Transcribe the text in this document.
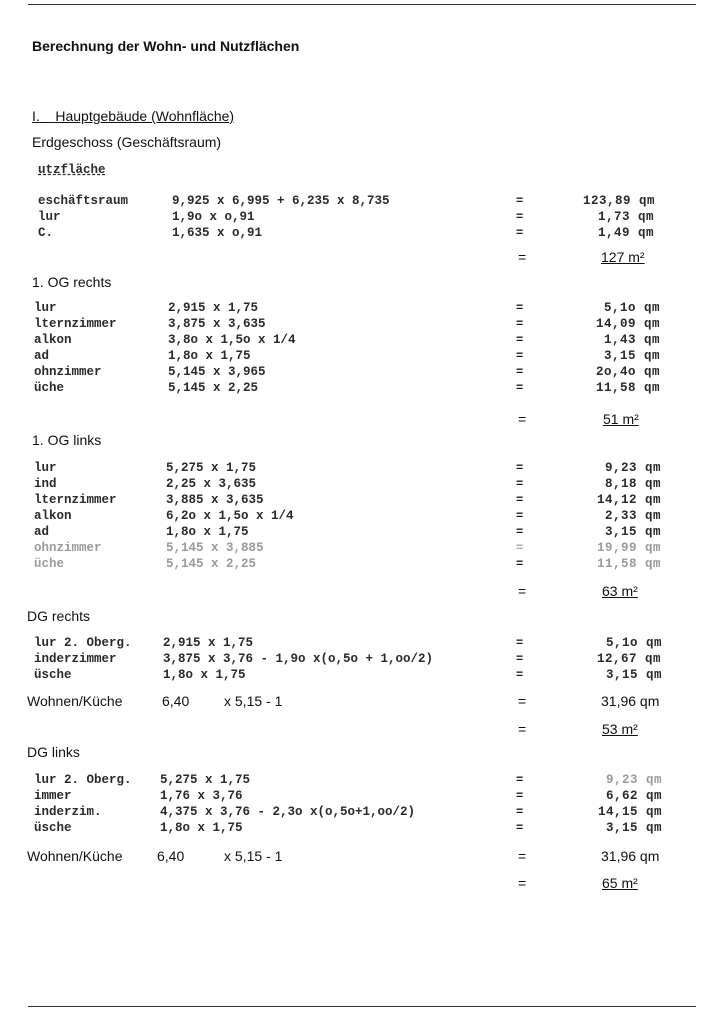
Berechnung der Wohn- und Nutzflächen
I. Hauptgebäude (Wohnfläche)
Erdgeschoss (Geschäftsraum)
utzfläche
eschäftsraum	9,925 x 6,995 + 6,235 x 8,735	=	123,89 qm
lur	1,9o x o,91	=	1,73 qm
C.	1,635 x o,91	=	1,49 qm
=	127 m²
1. OG rechts
lur	2,915 x 1,75	=	5,1o qm
lternzimmer	3,875 x 3,635	=	14,09 qm
alkon	3,8o x 1,5o x 1/4	=	1,43 qm
ad	1,8o x 1,75	=	3,15 qm
ohnzimmer	5,145 x 3,965	=	2o,4o qm
üche	5,145 x 2,25	=	11,58 qm
=	51 m²
1. OG links
lur	5,275 x 1,75	=	9,23 qm
ind	2,25 x 3,635	=	8,18 qm
lternzimmer	3,885 x 3,635	=	14,12 qm
alkon	6,2o x 1,5o x 1/4	=	2,33 qm
ad	1,8o x 1,75	=	3,15 qm
ohnzimmer	5,145 x 3,885	=	19,99 qm
üche	5,145 x 2,25	=	11,58 qm
=	63 m²
DG rechts
lur 2. Oberg.	2,915 x 1,75	=	5,1o qm
inderzimmer	3,875 x 3,76 - 1,9o x(o,5o + 1,oo/2)	=	12,67 qm
üsche	1,8o x 1,75	=	3,15 qm
Wohnen/Küche	6,40 x 5,15 - 1	=	31,96 qm
=	53 m²
DG links
lur 2. Oberg. 5,275 x 1,75	=	9,23 qm
immer	1,76 x 3,76	=	6,62 qm
inderzim.	4,375 x 3,76 - 2,3o x(o,5o+1,oo/2)	=	14,15 qm
üsche	1,8o x 1,75	=	3,15 qm
Wohnen/Küche 6,40	x 5,15 - 1	=	31,96 qm
=	65 m²
